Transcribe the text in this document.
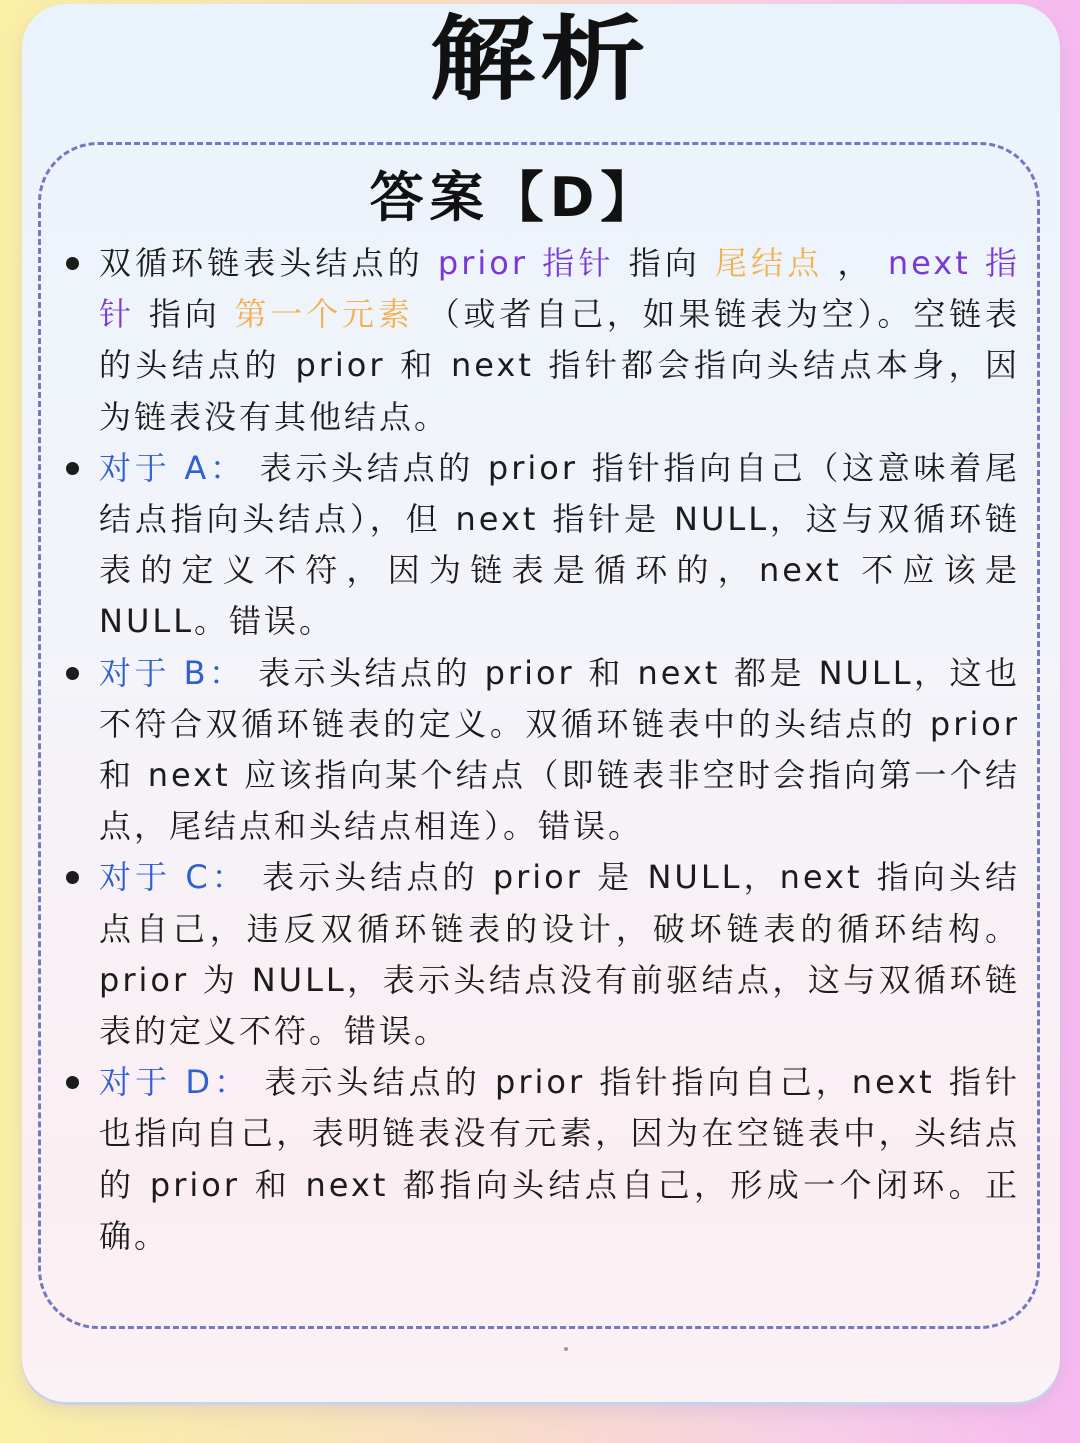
解析
答案【D】
双循环链表头结点的 prior 指针 指向 尾结点 ， next 指针 指向 第一个元素 （或者自己，如果链表为空）。空链表的头结点的 prior 和 next 指针都会指向头结点本身，因为链表没有其他结点。
对于 A： 表示头结点的 prior 指针指向自己（这意味着尾结点指向头结点），但 next 指针是 NULL，这与双循环链表的定义不符，因为链表是循环的，next 不应该是 NULL。错误。
对于 B： 表示头结点的 prior 和 next 都是 NULL，这也不符合双循环链表的定义。双循环链表中的头结点的 prior 和 next 应该指向某个结点（即链表非空时会指向第一个结点，尾结点和头结点相连）。错误。
对于 C： 表示头结点的 prior 是 NULL，next 指向头结点自己，违反双循环链表的设计，破坏链表的循环结构。prior 为 NULL，表示头结点没有前驱结点，这与双循环链表的定义不符。错误。
对于 D： 表示头结点的 prior 指针指向自己，next 指针也指向自己，表明链表没有元素，因为在空链表中，头结点的 prior 和 next 都指向头结点自己，形成一个闭环。正确。
